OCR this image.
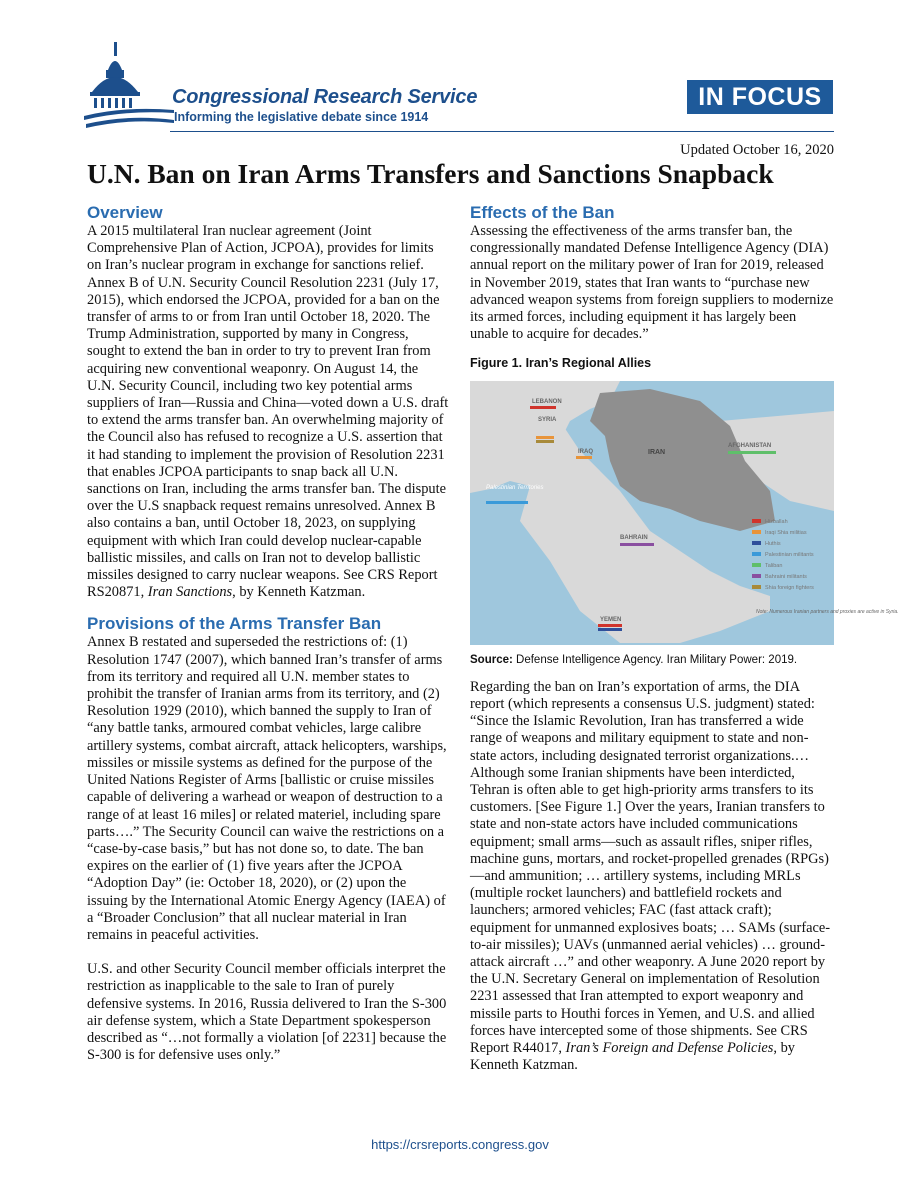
Congressional Research Service
Informing the legislative debate since 1914
IN FOCUS
Updated October 16, 2020
U.N. Ban on Iran Arms Transfers and Sanctions Snapback
Overview

A 2015 multilateral Iran nuclear agreement (Joint Comprehensive Plan of Action, JCPOA), provides for limits on Iran’s nuclear program in exchange for sanctions relief. Annex B of U.N. Security Council Resolution 2231 (July 17, 2015), which endorsed the JCPOA, provided for a ban on the transfer of arms to or from Iran until October 18, 2020. The Trump Administration, supported by many in Congress, sought to extend the ban in order to try to prevent Iran from acquiring new conventional weaponry. On August 14, the U.N. Security Council, including two key potential arms suppliers of Iran—Russia and China—voted down a U.S. draft to extend the arms transfer ban. An overwhelming majority of the Council also has refused to recognize a U.S. assertion that it had standing to implement the provision of Resolution 2231 that enables JCPOA participants to snap back all U.N. sanctions on Iran, including the arms transfer ban. The dispute over the U.S snapback request remains unresolved. Annex B also contains a ban, until October 18, 2023, on supplying equipment with which Iran could develop nuclear-capable ballistic missiles, and calls on Iran not to develop ballistic missiles designed to carry nuclear weapons. See CRS Report RS20871, Iran Sanctions, by Kenneth Katzman.

Provisions of the Arms Transfer Ban

Annex B restated and superseded the restrictions of: (1) Resolution 1747 (2007), which banned Iran’s transfer of arms from its territory and required all U.N. member states to prohibit the transfer of Iranian arms from its territory, and (2) Resolution 1929 (2010), which banned the supply to Iran of “any battle tanks, armoured combat vehicles, large calibre artillery systems, combat aircraft, attack helicopters, warships, missiles or missile systems as defined for the purpose of the United Nations Register of Arms [ballistic or cruise missiles capable of delivering a warhead or weapon of destruction to a range of at least 16 miles] or related materiel, including spare parts….” The Security Council can waive the restrictions on a “case-by-case basis,” but has not done so, to date. The ban expires on the earlier of (1) five years after the JCPOA “Adoption Day” (ie: October 18, 2020), or (2) upon the issuing by the International Atomic Energy Agency (IAEA) of a “Broader Conclusion” that all nuclear material in Iran remains in peaceful activities.

U.S. and other Security Council member officials interpret the restriction as inapplicable to the sale to Iran of purely defensive systems. In 2016, Russia delivered to Iran the S-300 air defense system, which a State Department spokesperson described as “…not formally a violation [of 2231] because the S-300 is for defensive uses only.”

Effects of the Ban

Assessing the effectiveness of the arms transfer ban, the congressionally mandated Defense Intelligence Agency (DIA) annual report on the military power of Iran for 2019, released in November 2019, states that Iran wants to “purchase new advanced weapon systems from foreign suppliers to modernize its armed forces, including equipment it has largely been unable to acquire for decades.”

Figure 1. Iran’s Regional Allies
LEBANON
SYRIA
IRAQ	IRAN
AFGHANISTAN
Palestinian Territories
BAHRAIN
YEMEN
Hizballah
Iraqi Shia militias
Huthis
Palestinian militants
Taliban
Bahraini militants
Shia foreign fighters
Note: Numerous Iranian partners and proxies are active in Syria.
Source: Defense Intelligence Agency. Iran Military Power: 2019.

Regarding the ban on Iran’s exportation of arms, the DIA report (which represents a consensus U.S. judgment) stated: “Since the Islamic Revolution, Iran has transferred a wide range of weapons and military equipment to state and non-state actors, including designated terrorist organizations.… Although some Iranian shipments have been interdicted, Tehran is often able to get high-priority arms transfers to its customers. [See Figure 1.] Over the years, Iranian transfers to state and non-state actors have included communications equipment; small arms—such as assault rifles, sniper rifles, machine guns, mortars, and rocket-propelled grenades (RPGs)—and ammunition; … artillery systems, including MRLs (multiple rocket launchers) and battlefield rockets and launchers; armored vehicles; FAC (fast attack craft); equipment for unmanned explosives boats; … SAMs (surface-to-air missiles); UAVs (unmanned aerial vehicles) … ground-attack aircraft …” and other weaponry. A June 2020 report by the U.N. Secretary General on implementation of Resolution 2231 assessed that Iran attempted to export weaponry and missile parts to Houthi forces in Yemen, and U.S. and allied forces have intercepted some of those shipments. See CRS Report R44017, Iran’s Foreign and Defense Policies, by Kenneth Katzman.

https://crsreports.congress.gov
